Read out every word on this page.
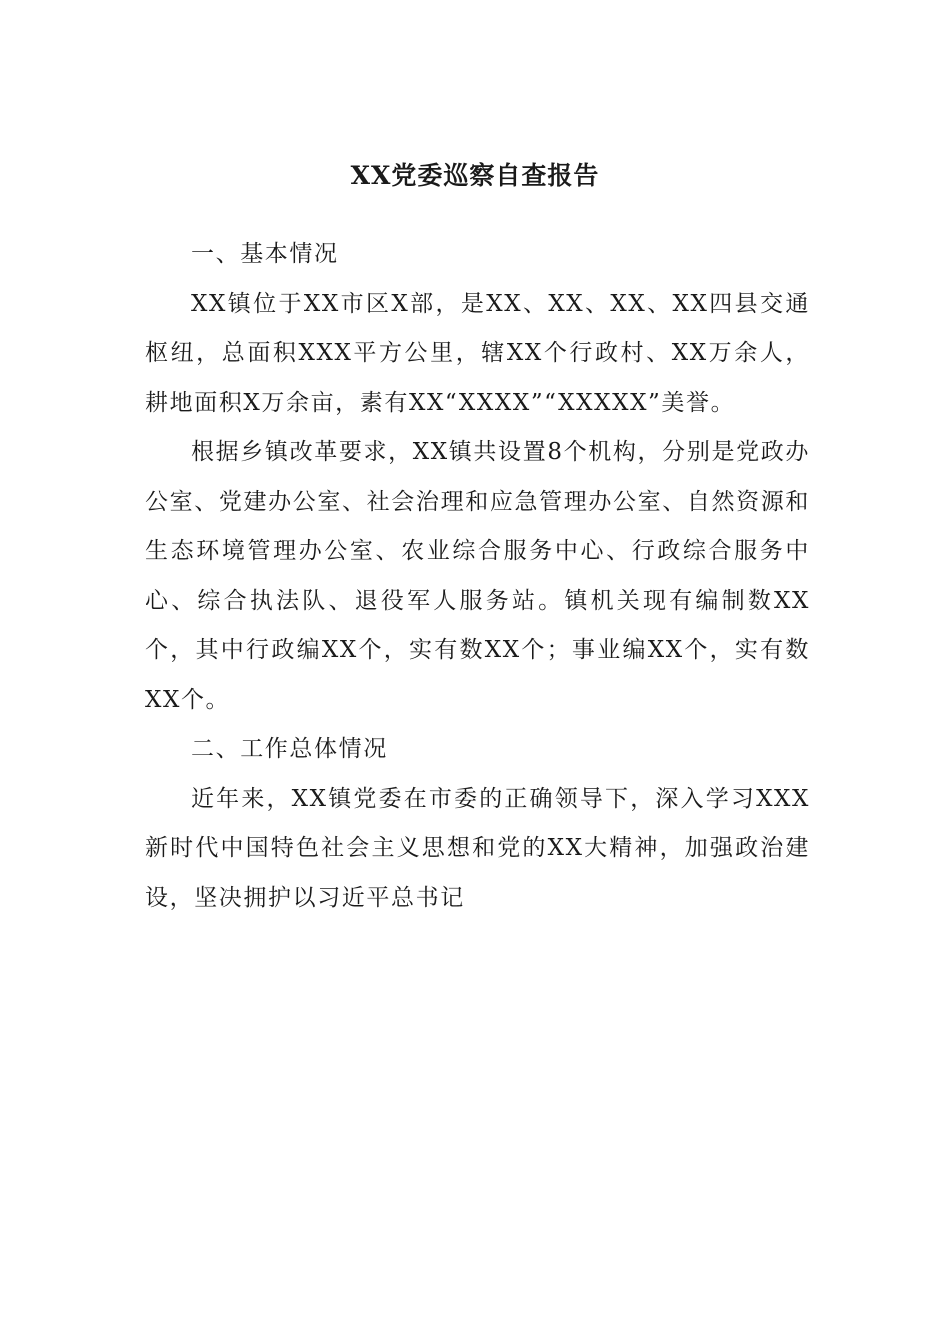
XX党委巡察自查报告

一、基本情况

XX镇位于XX市区X部，是XX、XX、XX、XX四县交通枢纽，总面积XXX平方公里，辖XX个行政村、XX万余人，耕地面积X万余亩，素有XX“XXXX”“XXXXX”美誉。

根据乡镇改革要求，XX镇共设置8个机构，分别是党政办公室、党建办公室、社会治理和应急管理办公室、自然资源和生态环境管理办公室、农业综合服务中心、行政综合服务中心、综合执法队、退役军人服务站。镇机关现有编制数XX个，其中行政编XX个，实有数XX个；事业编XX个，实有数XX个。

二、工作总体情况

近年来，XX镇党委在市委的正确领导下，深入学习XXX新时代中国特色社会主义思想和党的XX大精神，加强政治建设，坚决拥护以习近平总书记
